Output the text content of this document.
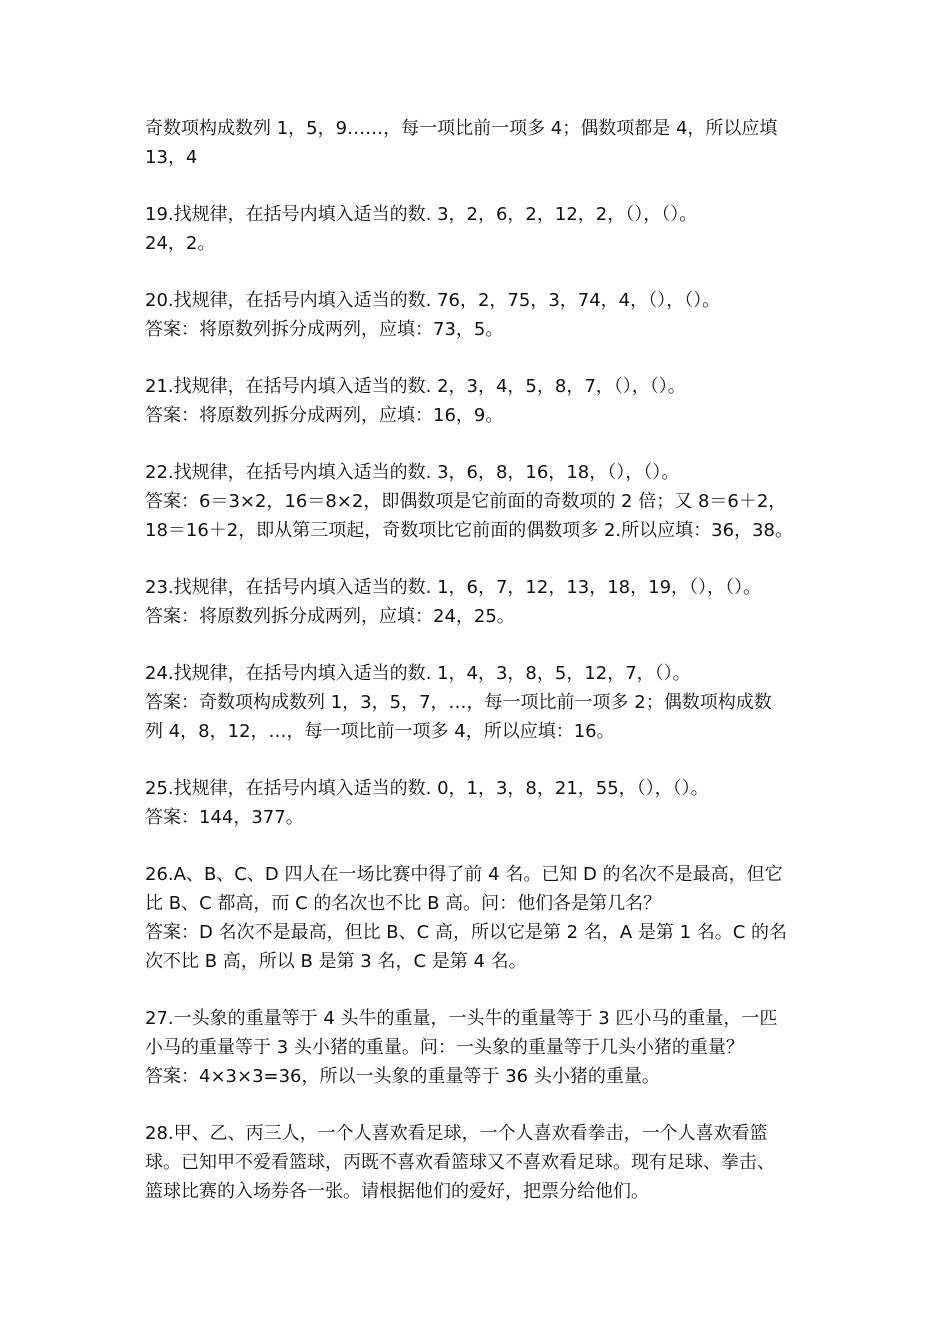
奇数项构成数列 1，5，9……，每一项比前一项多 4；偶数项都是 4，所以应填
13，4
19.找规律，在括号内填入适当的数. 3，2，6，2，12，2，（），（）。
24，2。
20.找规律，在括号内填入适当的数. 76，2，75，3，74，4，（），（）。
答案：将原数列拆分成两列，应填：73，5。
21.找规律，在括号内填入适当的数. 2，3，4，5，8，7，（），（）。
答案：将原数列拆分成两列，应填：16，9。
22.找规律，在括号内填入适当的数. 3，6，8，16，18，（），（）。
答案：6＝3×2，16＝8×2，即偶数项是它前面的奇数项的 2 倍；又 8＝6＋2，
18＝16＋2，即从第三项起，奇数项比它前面的偶数项多 2.所以应填：36，38。
23.找规律，在括号内填入适当的数. 1，6，7，12，13，18，19，（），（）。
答案：将原数列拆分成两列，应填：24，25。
24.找规律，在括号内填入适当的数. 1，4，3，8，5，12，7，（）。
答案：奇数项构成数列 1，3，5，7，…，每一项比前一项多 2；偶数项构成数
列 4，8，12，…，每一项比前一项多 4，所以应填：16。
25.找规律，在括号内填入适当的数. 0，1，3，8，21，55，（），（）。
答案：144，377。
26.A、B、C、D 四人在一场比赛中得了前 4 名。已知 D 的名次不是最高，但它
比 B、C 都高，而 C 的名次也不比 B 高。问：他们各是第几名？
答案：D 名次不是最高，但比 B、C 高，所以它是第 2 名，A 是第 1 名。C 的名
次不比 B 高，所以 B 是第 3 名，C 是第 4 名。
27.一头象的重量等于 4 头牛的重量，一头牛的重量等于 3 匹小马的重量，一匹
小马的重量等于 3 头小猪的重量。问：一头象的重量等于几头小猪的重量？
答案：4×3×3=36，所以一头象的重量等于 36 头小猪的重量。
28.甲、乙、丙三人，一个人喜欢看足球，一个人喜欢看拳击，一个人喜欢看篮
球。已知甲不爱看篮球，丙既不喜欢看篮球又不喜欢看足球。现有足球、拳击、
篮球比赛的入场券各一张。请根据他们的爱好，把票分给他们。
